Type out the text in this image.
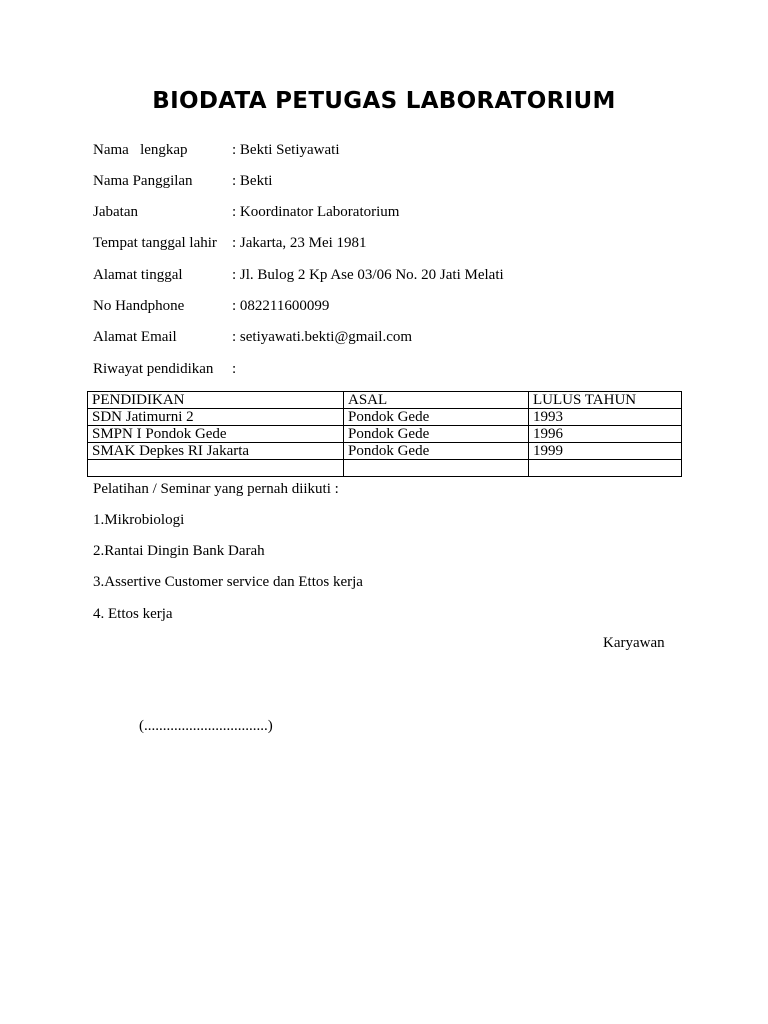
BIODATA PETUGAS LABORATORIUM
Nama   lengkap	: Bekti Setiyawati
Nama Panggilan	: Bekti
Jabatan	: Koordinator Laboratorium
Tempat tanggal lahir : Jakarta, 23 Mei 1981
Alamat tinggal	: Jl. Bulog 2 Kp Ase 03/06 No. 20 Jati Melati
No Handphone	: 082211600099
Alamat Email	: setiyawati.bekti@gmail.com
Riwayat pendidikan :
PENDIDIKAN	ASAL	LULUS TAHUN
SDN Jatimurni 2	Pondok Gede	1993
SMPN I Pondok Gede	Pondok Gede	1996
SMAK Depkes RI Jakarta	Pondok Gede	1999

Pelatihan / Seminar yang pernah diikuti :
1.Mikrobiologi
2.Rantai Dingin Bank Darah
3.Assertive Customer service dan Ettos kerja
4. Ettos kerja
Karyawan
(.................................)
